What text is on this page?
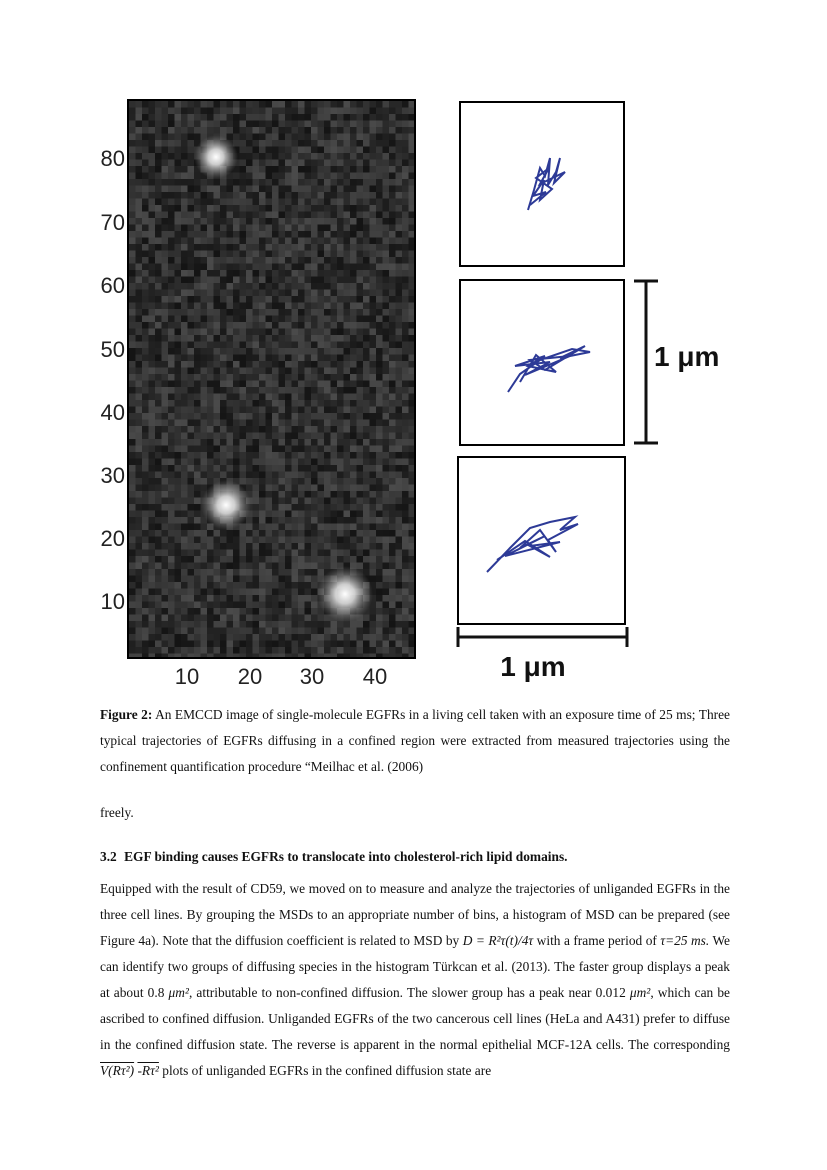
80
70
60
50
40
30
20
10
10 20 30 40
1 μm
1 μm
Figure 2: An EMCCD image of single-molecule EGFRs in a living cell taken with an exposure time of 25 ms; Three typical trajectories of EGFRs diffusing in a confined region were extracted from measured trajectories using the confinement quantification procedure “Meilhac et al. (2006)
freely.
3.2 EGF binding causes EGFRs to translocate into cholesterol-rich lipid domains.
Equipped with the result of CD59, we moved on to measure and analyze the trajectories of unliganded EGFRs in the three cell lines. By grouping the MSDs to an appropriate number of bins, a histogram of MSD can be prepared (see Figure 4a). Note that the diffusion coefficient is related to MSD by D = R²τ(t)/4τ with a frame period of τ=25 ms. We can identify two groups of diffusing species in the histogram Türkcan et al. (2013). The faster group displays a peak at about 0.8 μm², attributable to non-confined diffusion. The slower group has a peak near 0.012 μm², which can be ascribed to confined diffusion. Unliganded EGFRs of the two cancerous cell lines (HeLa and A431) prefer to diffuse in the confined diffusion state. The reverse is apparent in the normal epithelial MCF-12A cells. The corresponding V(Rτ²) -Rτ² plots of unliganded EGFRs in the confined diffusion state are
